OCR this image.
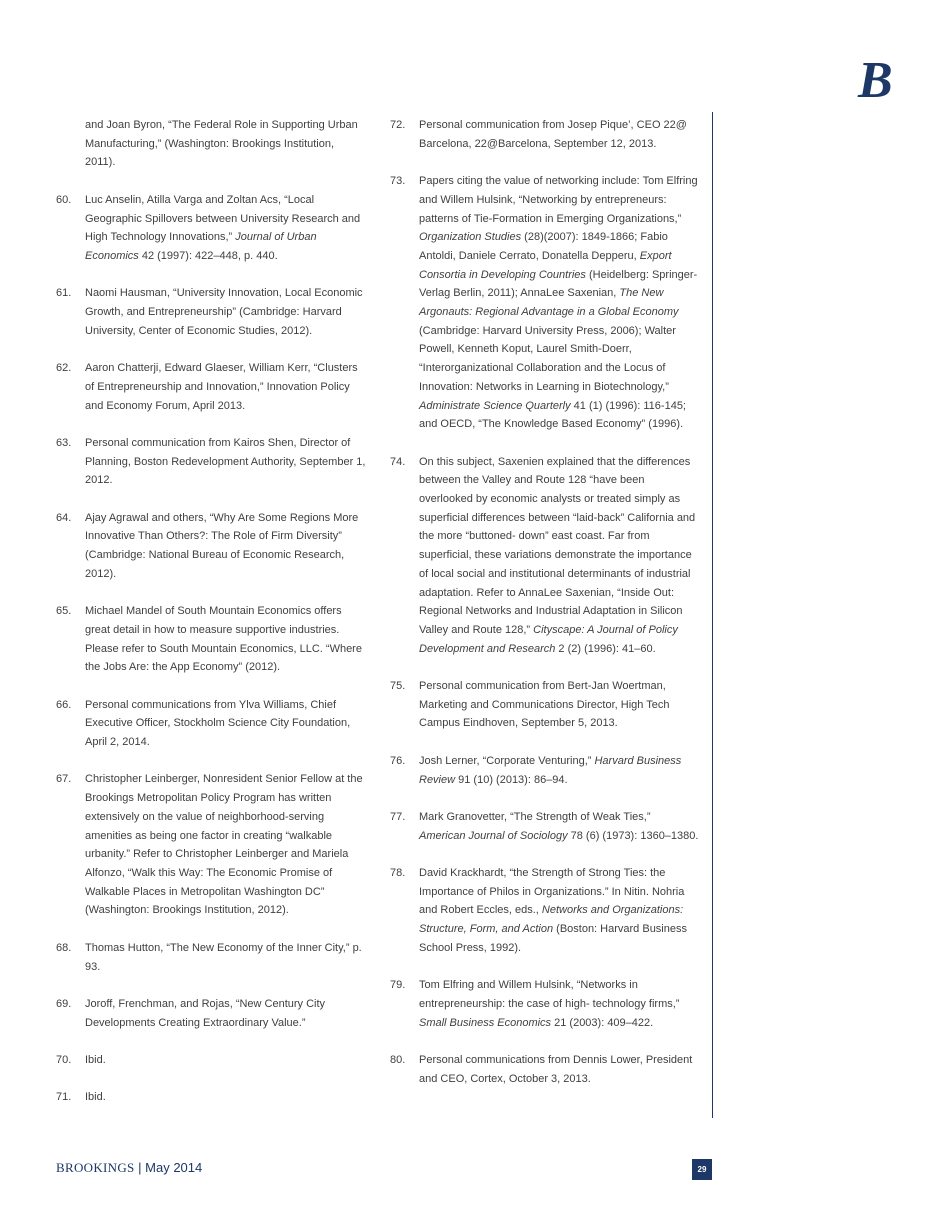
B
and Joan Byron, “The Federal Role in Supporting Urban Manufacturing,” (Washington: Brookings Institution, 2011).
60. Luc Anselin, Atilla Varga and Zoltan Acs, “Local Geographic Spillovers between University Research and High Technology Innovations,” Journal of Urban Economics 42 (1997): 422–448, p. 440.
61. Naomi Hausman, “University Innovation, Local Economic Growth, and Entrepreneurship” (Cambridge: Harvard University, Center of Economic Studies, 2012).
62. Aaron Chatterji, Edward Glaeser, William Kerr, “Clusters of Entrepreneurship and Innovation,” Innovation Policy and Economy Forum, April 2013.
63. Personal communication from Kairos Shen, Director of Planning, Boston Redevelopment Authority, September 1, 2012.
64. Ajay Agrawal and others, “Why Are Some Regions More Innovative Than Others?: The Role of Firm Diversity” (Cambridge: National Bureau of Economic Research, 2012).
65. Michael Mandel of South Mountain Economics offers great detail in how to measure supportive industries. Please refer to South Mountain Economics, LLC. “Where the Jobs Are: the App Economy” (2012).
66. Personal communications from Ylva Williams, Chief Executive Officer, Stockholm Science City Foundation, April 2, 2014.
67. Christopher Leinberger, Nonresident Senior Fellow at the Brookings Metropolitan Policy Program has written extensively on the value of neighborhood-serving amenities as being one factor in creating “walkable urbanity.” Refer to Christopher Leinberger and Mariela Alfonzo, “Walk this Way: The Economic Promise of Walkable Places in Metropolitan Washington DC” (Washington: Brookings Institution, 2012).
68. Thomas Hutton, “The New Economy of the Inner City,” p. 93.
69. Joroff, Frenchman, and Rojas, “New Century City Developments Creating Extraordinary Value.”
70. Ibid.
71. Ibid.
72. Personal communication from Josep Pique’, CEO 22@ Barcelona, 22@Barcelona, September 12, 2013.
73. Papers citing the value of networking include: Tom Elfring and Willem Hulsink, “Networking by entrepreneurs: patterns of Tie-Formation in Emerging Organizations,” Organization Studies (28)(2007): 1849-1866; Fabio Antoldi, Daniele Cerrato, Donatella Depperu, Export Consortia in Developing Countries (Heidelberg: Springer-Verlag Berlin, 2011); AnnaLee Saxenian, The New Argonauts: Regional Advantage in a Global Economy (Cambridge: Harvard University Press, 2006); Walter Powell, Kenneth Koput, Laurel Smith-Doerr, “Interorganizational Collaboration and the Locus of Innovation: Networks in Learning in Biotechnology,” Administrate Science Quarterly 41 (1) (1996): 116-145; and OECD, “The Knowledge Based Economy” (1996).
74. On this subject, Saxenien explained that the differences between the Valley and Route 128 “have been overlooked by economic analysts or treated simply as superficial differences between “laid-back” California and the more “buttoned- down” east coast. Far from superficial, these variations demonstrate the importance of local social and institutional determinants of industrial adaptation. Refer to AnnaLee Saxenian, “Inside Out: Regional Networks and Industrial Adaptation in Silicon Valley and Route 128,” Cityscape: A Journal of Policy Development and Research 2 (2) (1996): 41–60.
75. Personal communication from Bert-Jan Woertman, Marketing and Communications Director, High Tech Campus Eindhoven, September 5, 2013.
76. Josh Lerner, “Corporate Venturing,” Harvard Business Review 91 (10) (2013): 86–94.
77. Mark Granovetter, “The Strength of Weak Ties,” American Journal of Sociology 78 (6) (1973): 1360–1380.
78. David Krackhardt, “the Strength of Strong Ties: the Importance of Philos in Organizations.” In Nitin. Nohria and Robert Eccles, eds., Networks and Organizations: Structure, Form, and Action (Boston: Harvard Business School Press, 1992).
79. Tom Elfring and Willem Hulsink, “Networks in entrepreneurship: the case of high- technology firms,” Small Business Economics 21 (2003): 409–422.
80. Personal communications from Dennis Lower, President and CEO, Cortex, October 3, 2013.
BROOKINGS | May 2014	29
